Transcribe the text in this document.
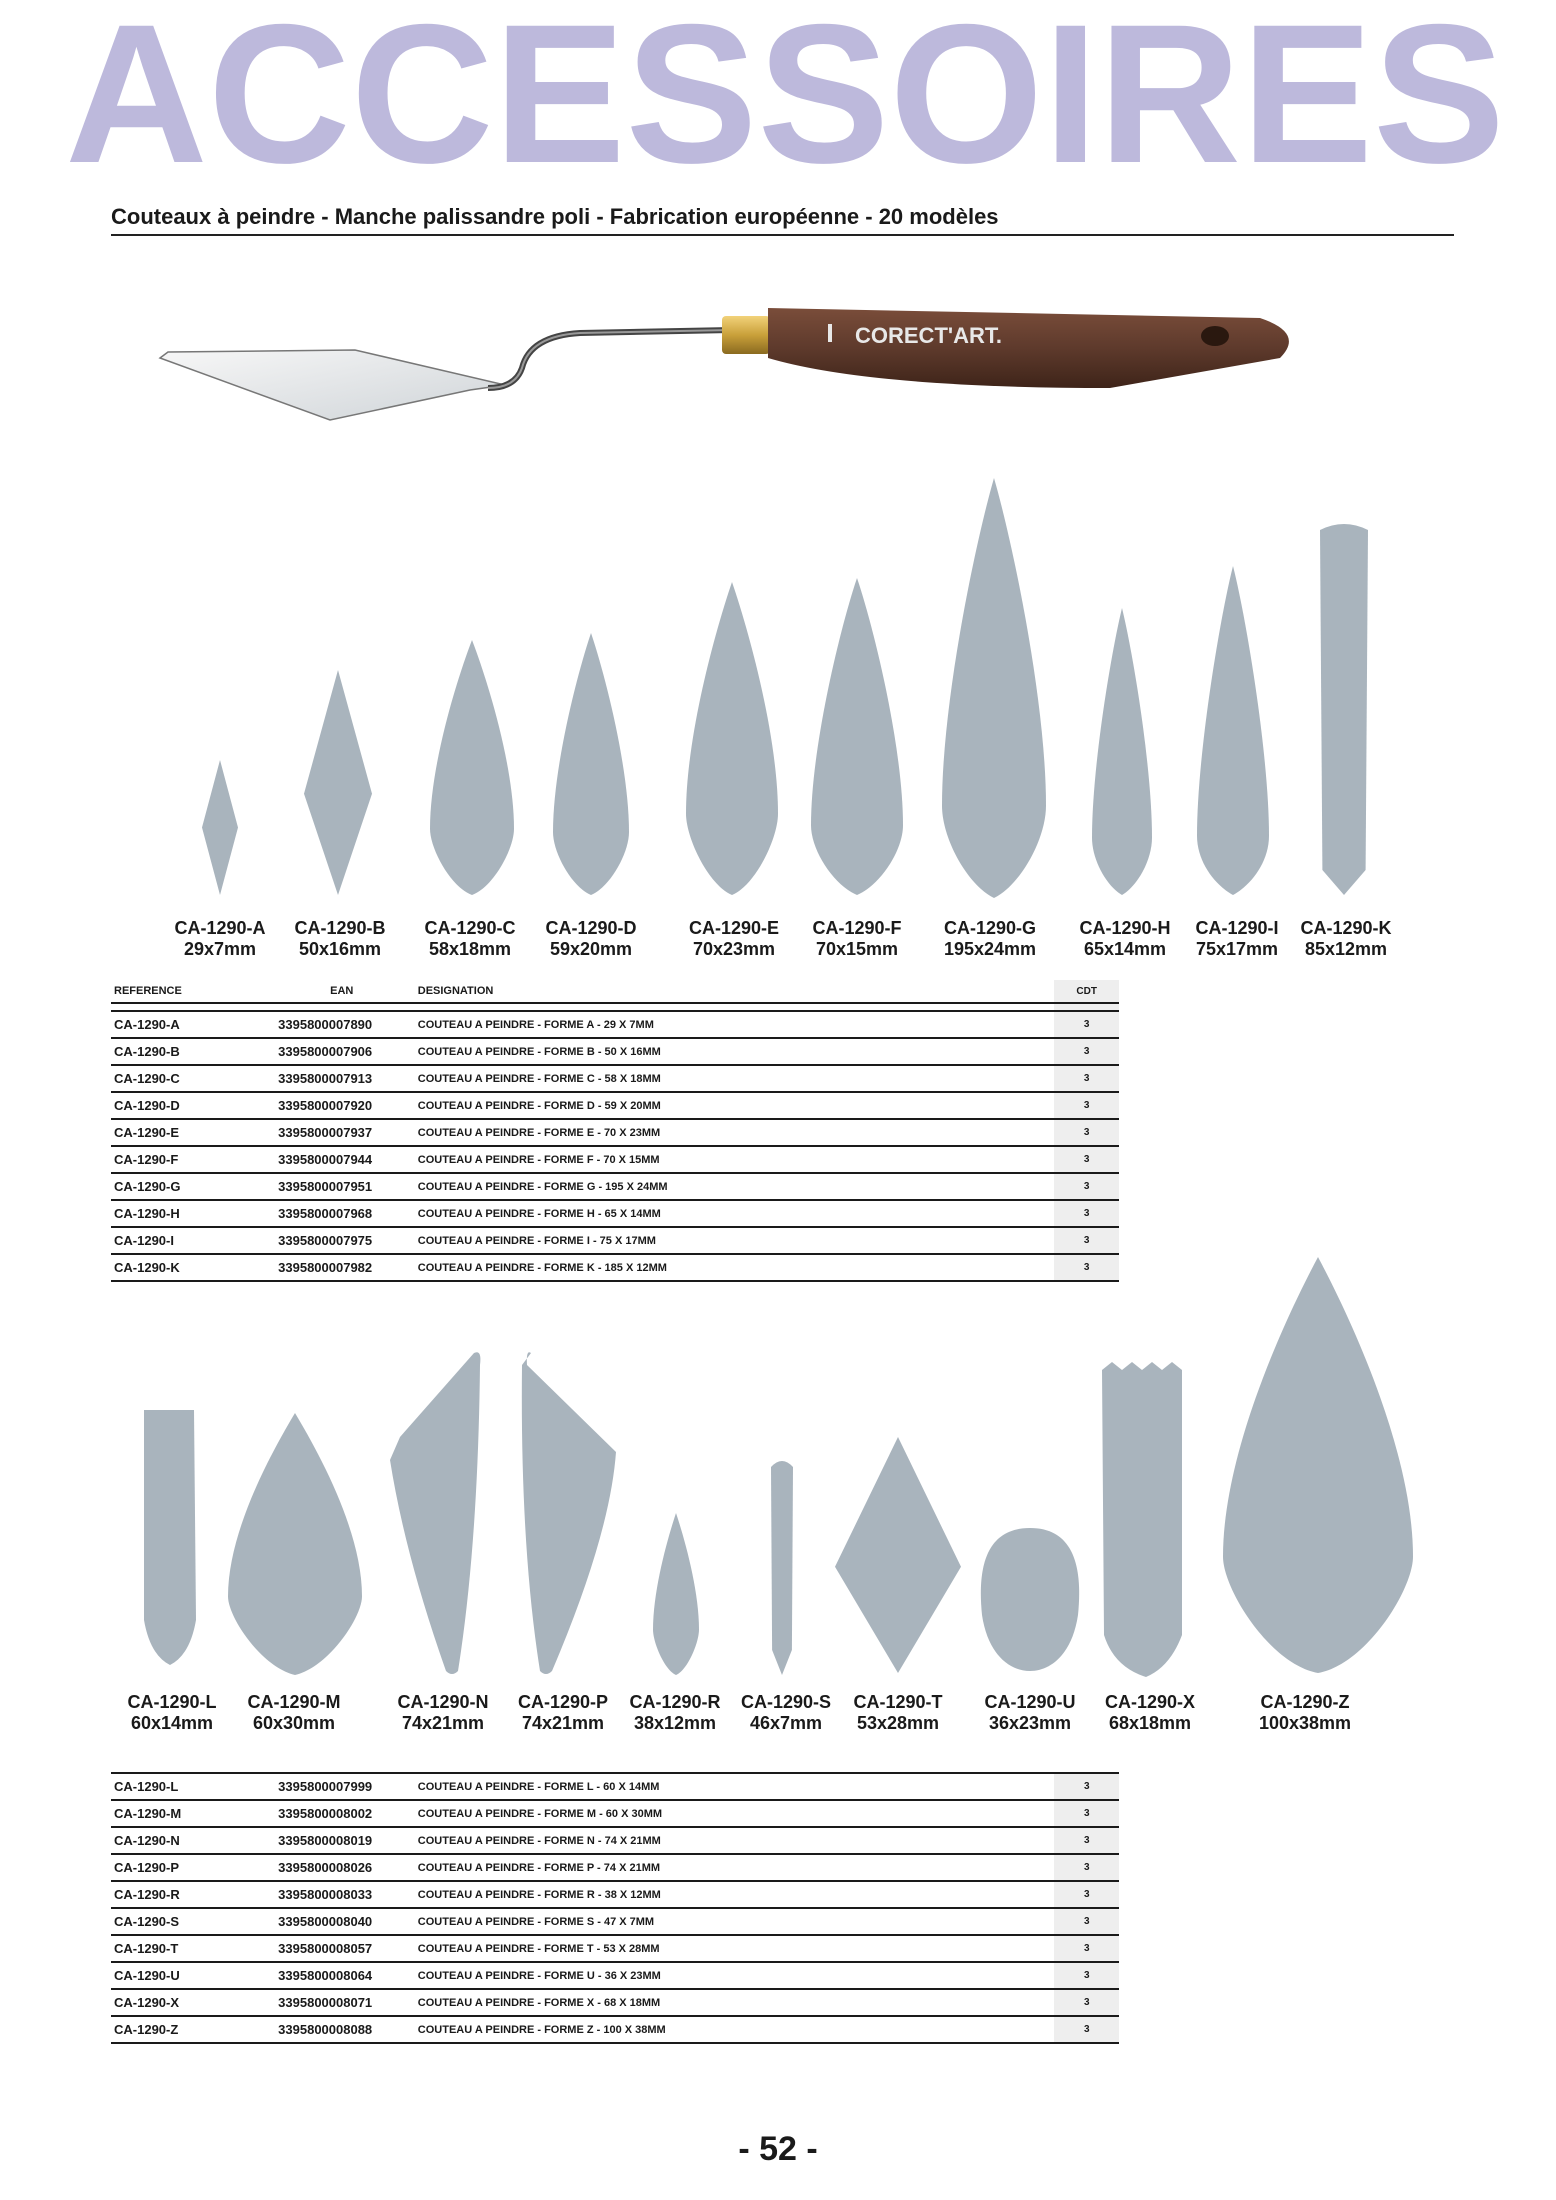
ACCESSOIRES
Couteaux à peindre - Manche palissandre poli - Fabrication européenne - 20 modèles
CORECT'ART.
CA-1290-A
29x7mm
CA-1290-B
50x16mm
CA-1290-C
58x18mm
CA-1290-D
59x20mm
CA-1290-E
70x23mm
CA-1290-F
70x15mm
CA-1290-G
195x24mm
CA-1290-H
65x14mm
CA-1290-I
75x17mm
CA-1290-K
85x12mm
REFERENCE	EAN	DESIGNATION	CDT

CA-1290-A	3395800007890	COUTEAU A PEINDRE - FORME A - 29 X 7MM	3
CA-1290-B	3395800007906	COUTEAU A PEINDRE - FORME B - 50 X 16MM	3
CA-1290-C	3395800007913	COUTEAU A PEINDRE - FORME C - 58 X 18MM	3
CA-1290-D	3395800007920	COUTEAU A PEINDRE - FORME D - 59 X 20MM	3
CA-1290-E	3395800007937	COUTEAU A PEINDRE - FORME E - 70 X 23MM	3
CA-1290-F	3395800007944	COUTEAU A PEINDRE - FORME F - 70 X 15MM	3
CA-1290-G	3395800007951	COUTEAU A PEINDRE - FORME G - 195 X 24MM	3
CA-1290-H	3395800007968	COUTEAU A PEINDRE - FORME H - 65 X 14MM	3
CA-1290-I	3395800007975	COUTEAU A PEINDRE - FORME I - 75 X 17MM	3
CA-1290-K	3395800007982	COUTEAU A PEINDRE - FORME K - 185 X 12MM	3
CA-1290-L
60x14mm
CA-1290-M
60x30mm
CA-1290-N
74x21mm
CA-1290-P
74x21mm
CA-1290-R
38x12mm
CA-1290-S
46x7mm
CA-1290-T
53x28mm
CA-1290-U
36x23mm
CA-1290-X
68x18mm
CA-1290-Z
100x38mm
CA-1290-L	3395800007999	COUTEAU A PEINDRE - FORME L - 60 X 14MM	3
CA-1290-M	3395800008002	COUTEAU A PEINDRE - FORME M - 60 X 30MM	3
CA-1290-N	3395800008019	COUTEAU A PEINDRE - FORME N - 74 X 21MM	3
CA-1290-P	3395800008026	COUTEAU A PEINDRE - FORME P - 74 X 21MM	3
CA-1290-R	3395800008033	COUTEAU A PEINDRE - FORME R - 38 X 12MM	3
CA-1290-S	3395800008040	COUTEAU A PEINDRE - FORME S - 47 X 7MM	3
CA-1290-T	3395800008057	COUTEAU A PEINDRE - FORME T - 53 X 28MM	3
CA-1290-U	3395800008064	COUTEAU A PEINDRE - FORME U - 36 X 23MM	3
CA-1290-X	3395800008071	COUTEAU A PEINDRE - FORME X - 68 X 18MM	3
CA-1290-Z	3395800008088	COUTEAU A PEINDRE - FORME Z - 100 X 38MM	3
- 52 -
